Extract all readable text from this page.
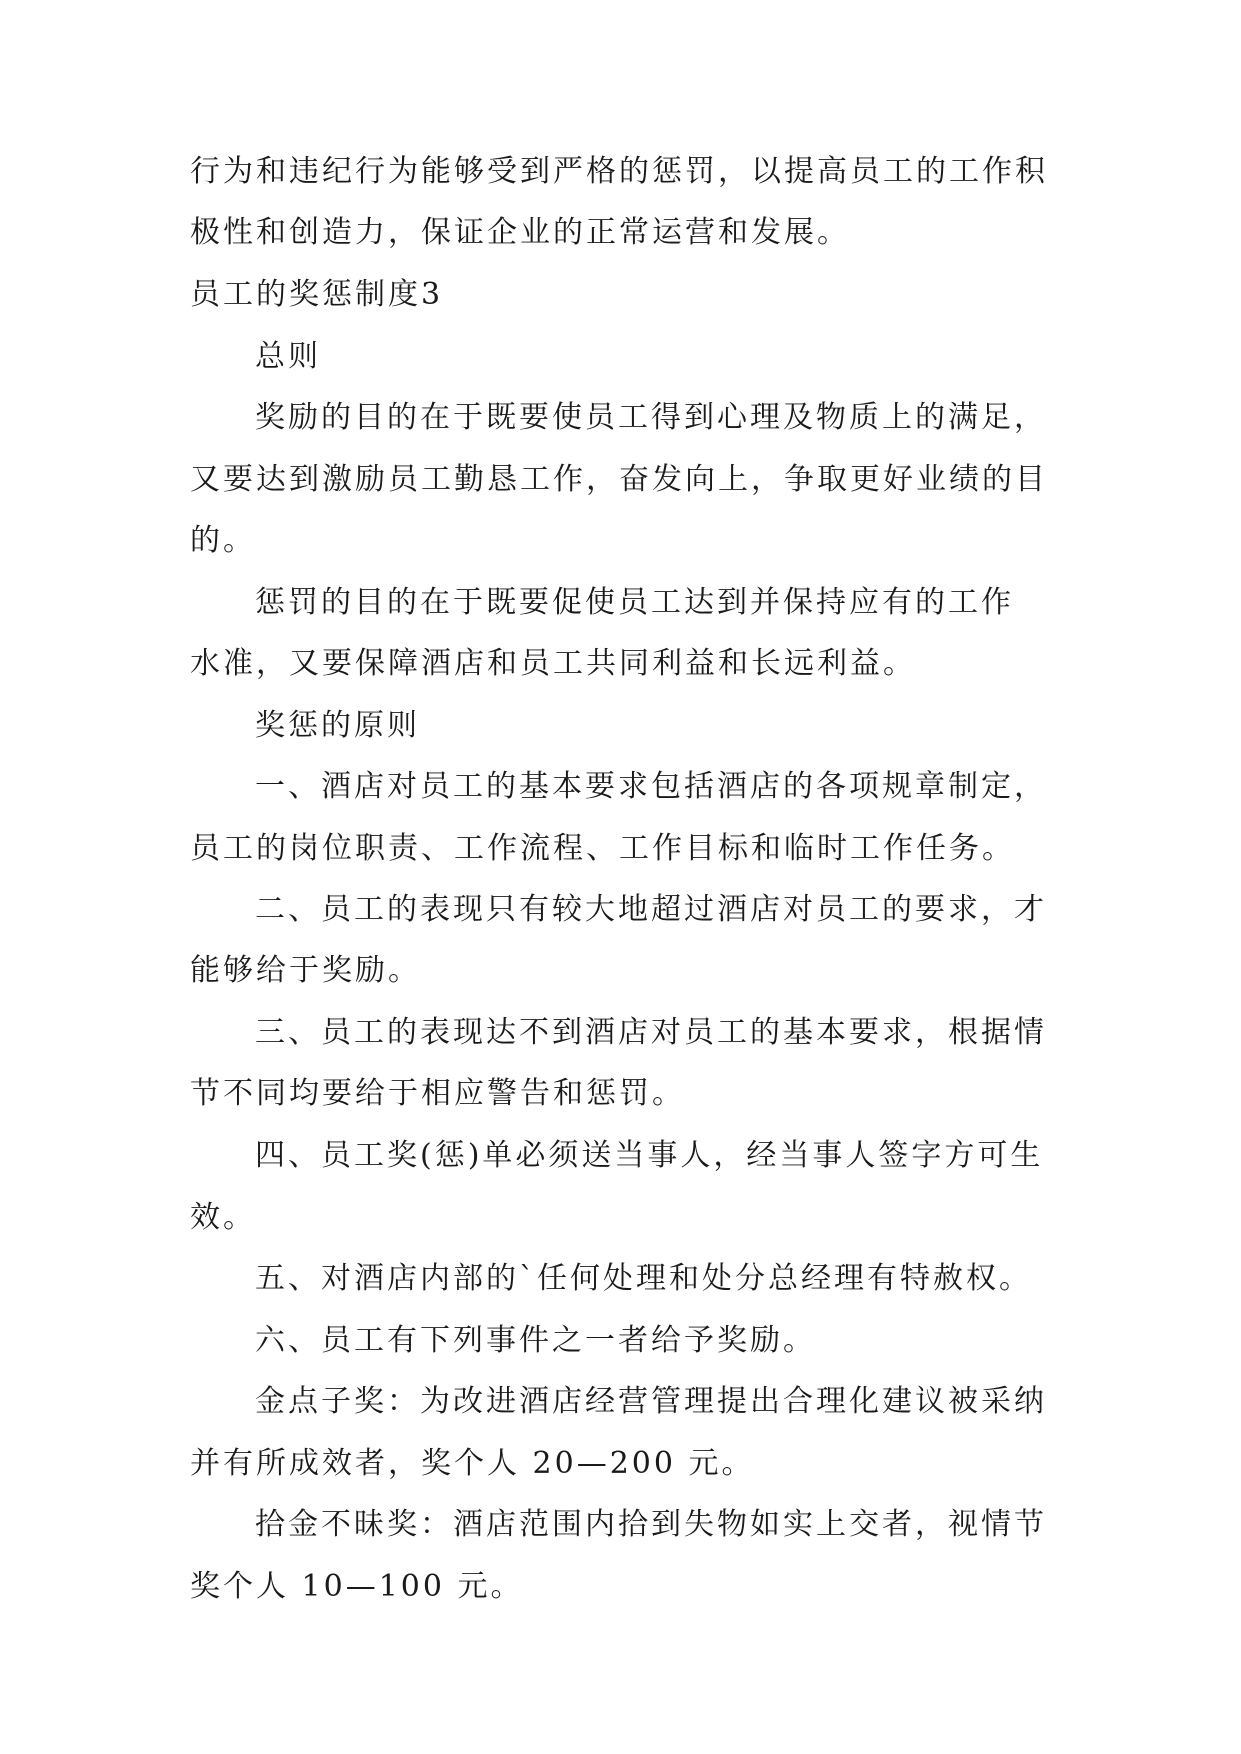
行为和违纪行为能够受到严格的惩罚，以提高员工的工作积
极性和创造力，保证企业的正常运营和发展。
员工的奖惩制度3
总则
奖励的目的在于既要使员工得到心理及物质上的满足，
又要达到激励员工勤恳工作，奋发向上，争取更好业绩的目
的。
惩罚的目的在于既要促使员工达到并保持应有的工作
水准，又要保障酒店和员工共同利益和长远利益。
奖惩的原则
一、酒店对员工的基本要求包括酒店的各项规章制定，
员工的岗位职责、工作流程、工作目标和临时工作任务。
二、员工的表现只有较大地超过酒店对员工的要求，才
能够给于奖励。
三、员工的表现达不到酒店对员工的基本要求，根据情
节不同均要给于相应警告和惩罚。
四、员工奖(惩)单必须送当事人，经当事人签字方可生
效。
五、对酒店内部的`任何处理和处分总经理有特赦权。
六、员工有下列事件之一者给予奖励。
金点子奖：为改进酒店经营管理提出合理化建议被采纳
并有所成效者，奖个人 20—200 元。
拾金不昧奖：酒店范围内拾到失物如实上交者，视情节
奖个人 10—100 元。
